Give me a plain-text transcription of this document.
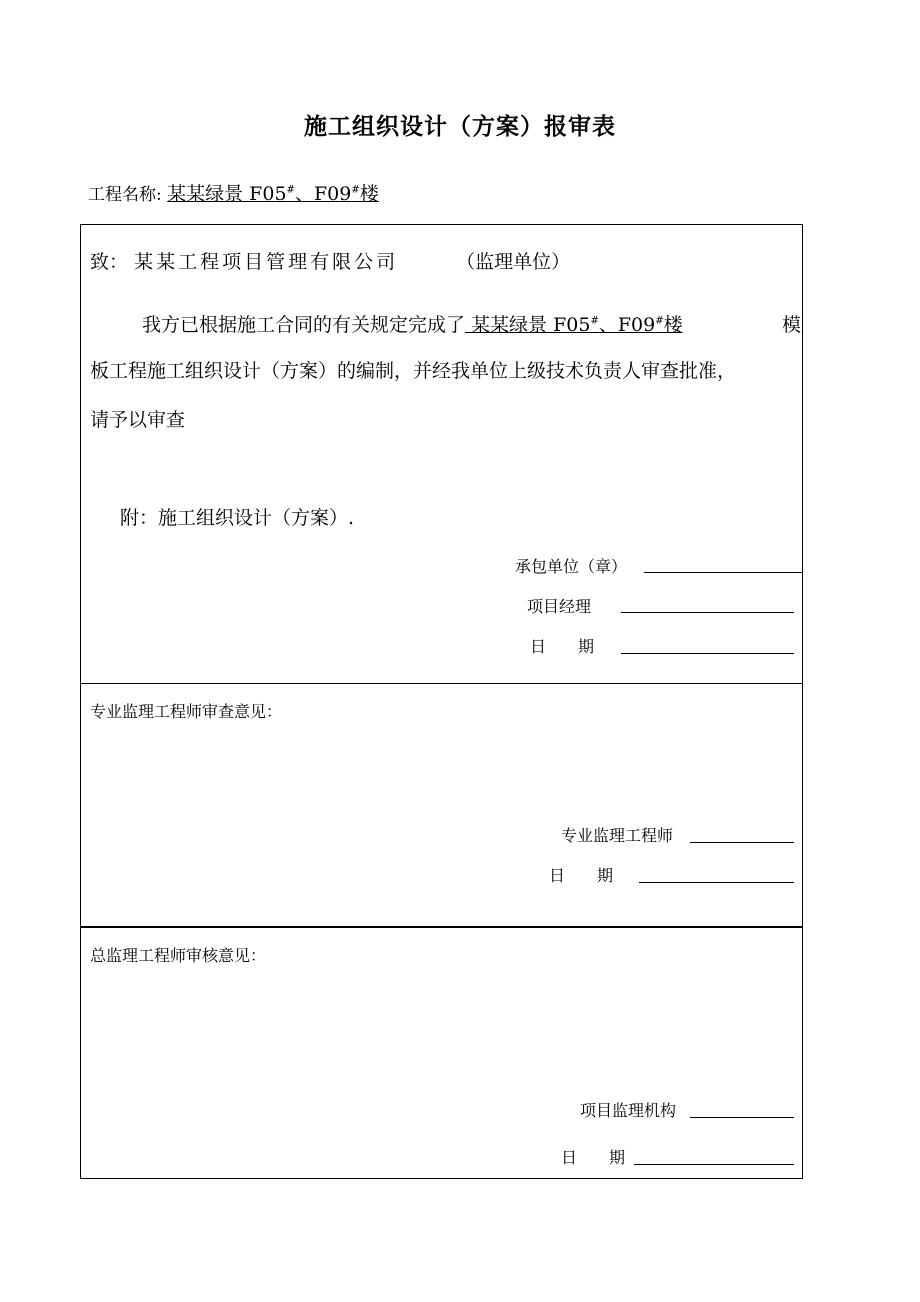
施工组织设计（方案）报审表
工程名称: 某某绿景 F05#、F09#楼
致： 某某工程项目管理有限公司	（监理单位）
我方已根据施工合同的有关规定完成了 某某绿景 F05#、F09#楼	模
板工程施工组织设计（方案）的编制，并经我单位上级技术负责人审查批准，
请予以审查
附：施工组织设计（方案）.
承包单位（章）
项目经理
日　　期
专业监理工程师审查意见：
专业监理工程师
日　　期
总监理工程师审核意见：
项目监理机构
日　　期
